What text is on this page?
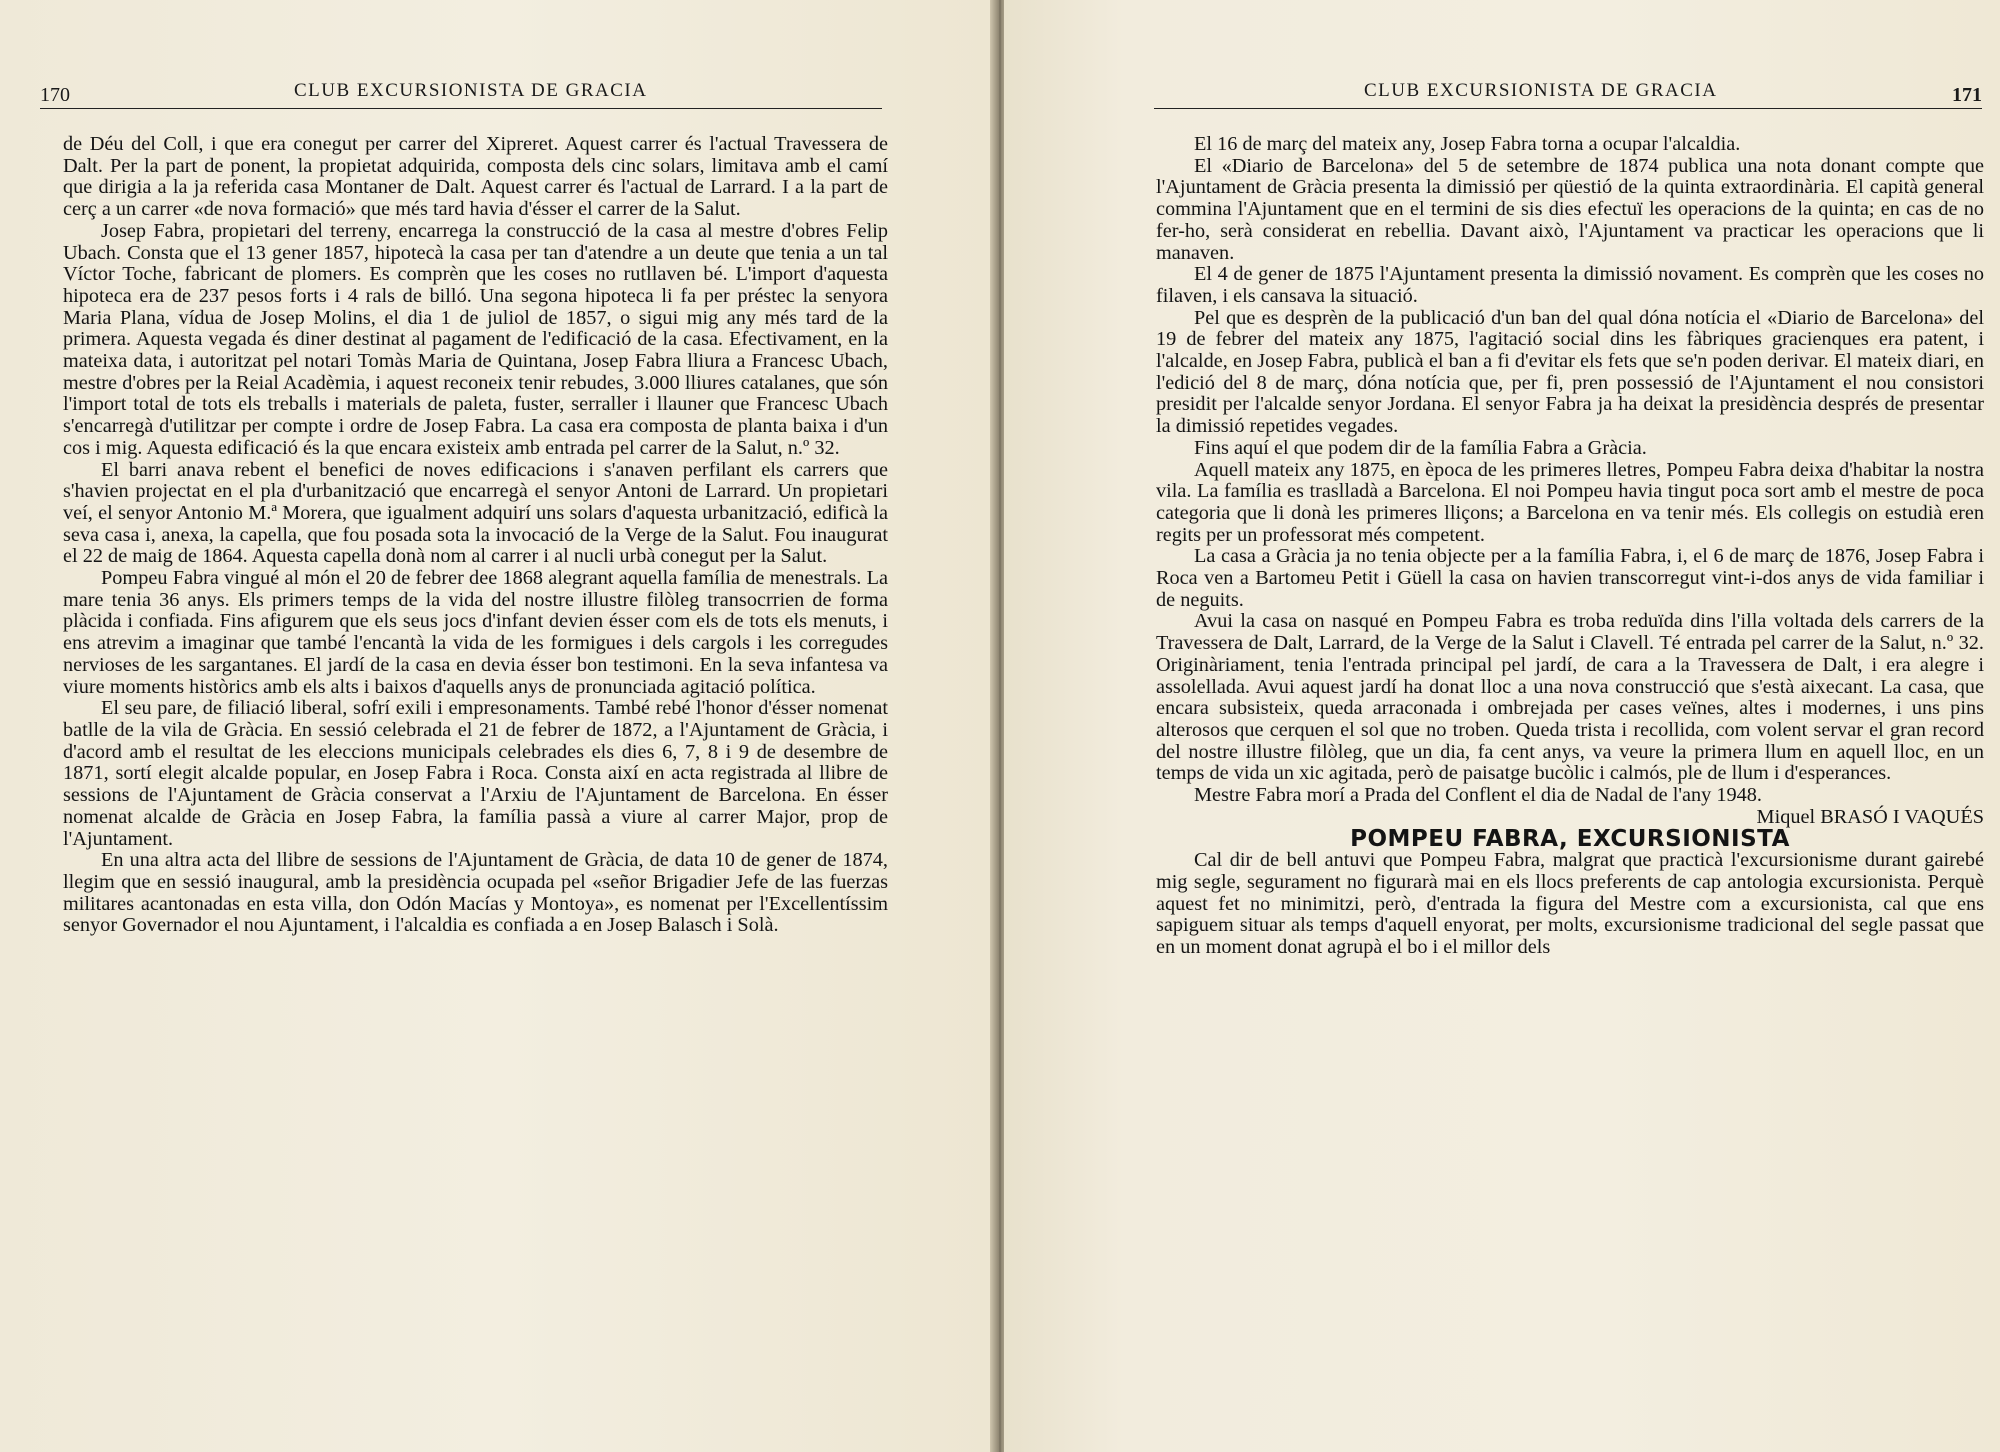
170	CLUB EXCURSIONISTA DE GRACIA

de Déu del Coll, i que era conegut per carrer del Xipreret. Aquest carrer és l'actual Travessera de Dalt. Per la part de ponent, la propietat adquirida, composta dels cinc solars, limitava amb el camí que dirigia a la ja referida casa Montaner de Dalt. Aquest carrer és l'actual de Larrard. I a la part de cerç a un carrer «de nova formació» que més tard havia d'ésser el carrer de la Salut.

Josep Fabra, propietari del terreny, encarrega la construcció de la casa al mestre d'obres Felip Ubach. Consta que el 13 gener 1857, hipotecà la casa per tan d'atendre a un deute que tenia a un tal Víctor Toche, fabricant de plomers. Es comprèn que les coses no rutllaven bé. L'import d'aquesta hipoteca era de 237 pesos forts i 4 rals de billó. Una segona hipoteca li fa per préstec la senyora Maria Plana, vídua de Josep Molins, el dia 1 de juliol de 1857, o sigui mig any més tard de la primera. Aquesta vegada és diner destinat al pagament de l'edificació de la casa. Efectivament, en la mateixa data, i autoritzat pel notari Tomàs Maria de Quintana, Josep Fabra lliura a Francesc Ubach, mestre d'obres per la Reial Acadèmia, i aquest reconeix tenir rebudes, 3.000 lliures catalanes, que són l'import total de tots els treballs i materials de paleta, fuster, serraller i llauner que Francesc Ubach s'encarregà d'utilitzar per compte i ordre de Josep Fabra. La casa era composta de planta baixa i d'un cos i mig. Aquesta edificació és la que encara existeix amb entrada pel carrer de la Salut, n.º 32.

El barri anava rebent el benefici de noves edificacions i s'anaven perfilant els carrers que s'havien projectat en el pla d'urbanització que encarregà el senyor Antoni de Larrard. Un propietari veí, el senyor Antonio M.ª Morera, que igualment adquirí uns solars d'aquesta urbanització, edificà la seva casa i, anexa, la capella, que fou posada sota la invocació de la Verge de la Salut. Fou inaugurat el 22 de maig de 1864. Aquesta capella donà nom al carrer i al nucli urbà conegut per la Salut.

Pompeu Fabra vingué al món el 20 de febrer dee 1868 alegrant aquella família de menestrals. La mare tenia 36 anys. Els primers temps de la vida del nostre illustre filòleg transocrrien de forma plàcida i confiada. Fins afigurem que els seus jocs d'infant devien ésser com els de tots els menuts, i ens atrevim a imaginar que també l'encantà la vida de les formigues i dels cargols i les corregudes nervioses de les sargantanes. El jardí de la casa en devia ésser bon testimoni. En la seva infantesa va viure moments històrics amb els alts i baixos d'aquells anys de pronunciada agitació política.

El seu pare, de filiació liberal, sofrí exili i empresonaments. També rebé l'honor d'ésser nomenat batlle de la vila de Gràcia. En sessió celebrada el 21 de febrer de 1872, a l'Ajuntament de Gràcia, i d'acord amb el resultat de les eleccions municipals celebrades els dies 6, 7, 8 i 9 de desembre de 1871, sortí elegit alcalde popular, en Josep Fabra i Roca. Consta així en acta registrada al llibre de sessions de l'Ajuntament de Gràcia conservat a l'Arxiu de l'Ajuntament de Barcelona. En ésser nomenat alcalde de Gràcia en Josep Fabra, la família passà a viure al carrer Major, prop de l'Ajuntament.

En una altra acta del llibre de sessions de l'Ajuntament de Gràcia, de data 10 de gener de 1874, llegim que en sessió inaugural, amb la presidència ocupada pel «señor Brigadier Jefe de las fuerzas militares acantonadas en esta villa, don Odón Macías y Montoya», es nomenat per l'Excellentíssim senyor Governador el nou Ajuntament, i l'alcaldia es confiada a en Josep Balasch i Solà.

CLUB EXCURSIONISTA DE GRACIA	171

El 16 de març del mateix any, Josep Fabra torna a ocupar l'alcaldia.

El «Diario de Barcelona» del 5 de setembre de 1874 publica una nota donant compte que l'Ajuntament de Gràcia presenta la dimissió per qüestió de la quinta extraordinària. El capità general commina l'Ajuntament que en el termini de sis dies efectuï les operacions de la quinta; en cas de no fer-ho, serà considerat en rebellia. Davant això, l'Ajuntament va practicar les operacions que li manaven.

El 4 de gener de 1875 l'Ajuntament presenta la dimissió novament. Es comprèn que les coses no filaven, i els cansava la situació.

Pel que es desprèn de la publicació d'un ban del qual dóna notícia el «Diario de Barcelona» del 19 de febrer del mateix any 1875, l'agitació social dins les fàbriques gracienques era patent, i l'alcalde, en Josep Fabra, publicà el ban a fi d'evitar els fets que se'n poden derivar. El mateix diari, en l'edició del 8 de març, dóna notícia que, per fi, pren possessió de l'Ajuntament el nou consistori presidit per l'alcalde senyor Jordana. El senyor Fabra ja ha deixat la presidència després de presentar la dimissió repetides vegades.

Fins aquí el que podem dir de la família Fabra a Gràcia.

Aquell mateix any 1875, en època de les primeres lletres, Pompeu Fabra deixa d'habitar la nostra vila. La família es traslladà a Barcelona. El noi Pompeu havia tingut poca sort amb el mestre de poca categoria que li donà les primeres lliçons; a Barcelona en va tenir més. Els collegis on estudià eren regits per un professorat més competent.

La casa a Gràcia ja no tenia objecte per a la família Fabra, i, el 6 de març de 1876, Josep Fabra i Roca ven a Bartomeu Petit i Güell la casa on havien transcorregut vint-i-dos anys de vida familiar i de neguits.

Avui la casa on nasqué en Pompeu Fabra es troba reduïda dins l'illa voltada dels carrers de la Travessera de Dalt, Larrard, de la Verge de la Salut i Clavell. Té entrada pel carrer de la Salut, n.º 32. Originàriament, tenia l'entrada principal pel jardí, de cara a la Travessera de Dalt, i era alegre i assolellada. Avui aquest jardí ha donat lloc a una nova construcció que s'està aixecant. La casa, que encara subsisteix, queda arraconada i ombrejada per cases veïnes, altes i modernes, i uns pins alterosos que cerquen el sol que no troben. Queda trista i recollida, com volent servar el gran record del nostre illustre filòleg, que un dia, fa cent anys, va veure la primera llum en aquell lloc, en un temps de vida un xic agitada, però de paisatge bucòlic i calmós, ple de llum i d'esperances.

Mestre Fabra morí a Prada del Conflent el dia de Nadal de l'any 1948.

Miquel BRASÓ I VAQUÉS

POMPEU FABRA, EXCURSIONISTA

Cal dir de bell antuvi que Pompeu Fabra, malgrat que practicà l'excursionisme durant gairebé mig segle, segurament no figurarà mai en els llocs preferents de cap antologia excursionista. Perquè aquest fet no minimitzi, però, d'entrada la figura del Mestre com a excursionista, cal que ens sapiguem situar als temps d'aquell enyorat, per molts, excursionisme tradicional del segle passat que en un moment donat agrupà el bo i el millor dels
